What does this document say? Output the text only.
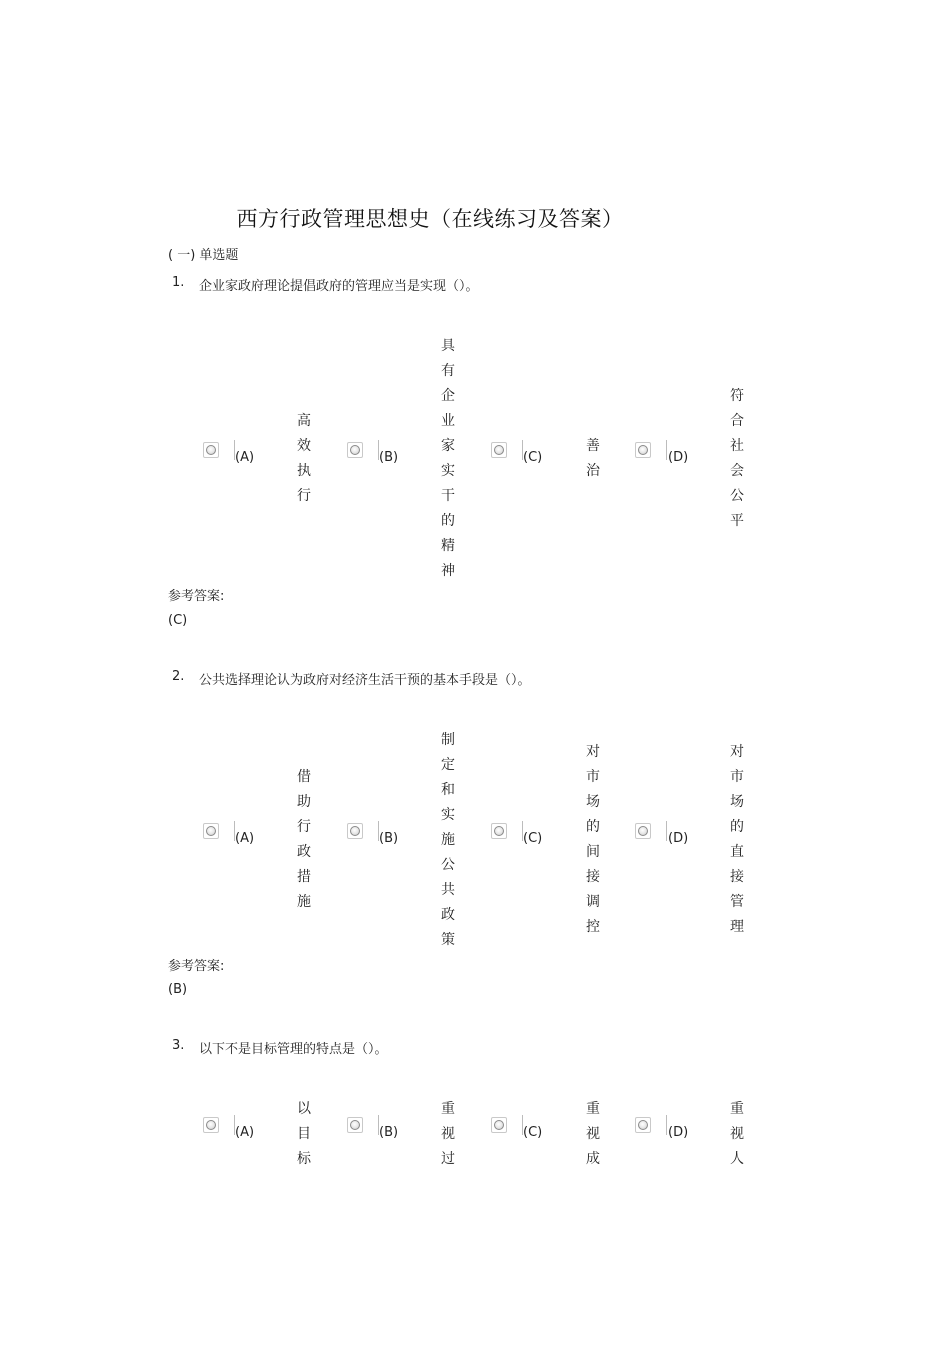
西方行政管理思想史（在线练习及答案）
( 一) 单选题
1. 企业家政府理论提倡政府的管理应当是实现（）。
(A)
高
效
执
行
(B)
具
有
企
业
家
实
干
的
精
神
(C)
善
治
(D)
符
合
社
会
公
平
参考答案:
(C)
2. 公共选择理论认为政府对经济生活干预的基本手段是（）。
(A)
借
助
行
政
措
施
(B)
制
定
和
实
施
公
共
政
策
(C)
对
市
场
的
间
接
调
控
(D)
对
市
场
的
直
接
管
理
参考答案:
(B)
3. 以下不是目标管理的特点是（）。
(A)
以
目
标
(B)
重
视
过
(C)
重
视
成
(D)
重
视
人
